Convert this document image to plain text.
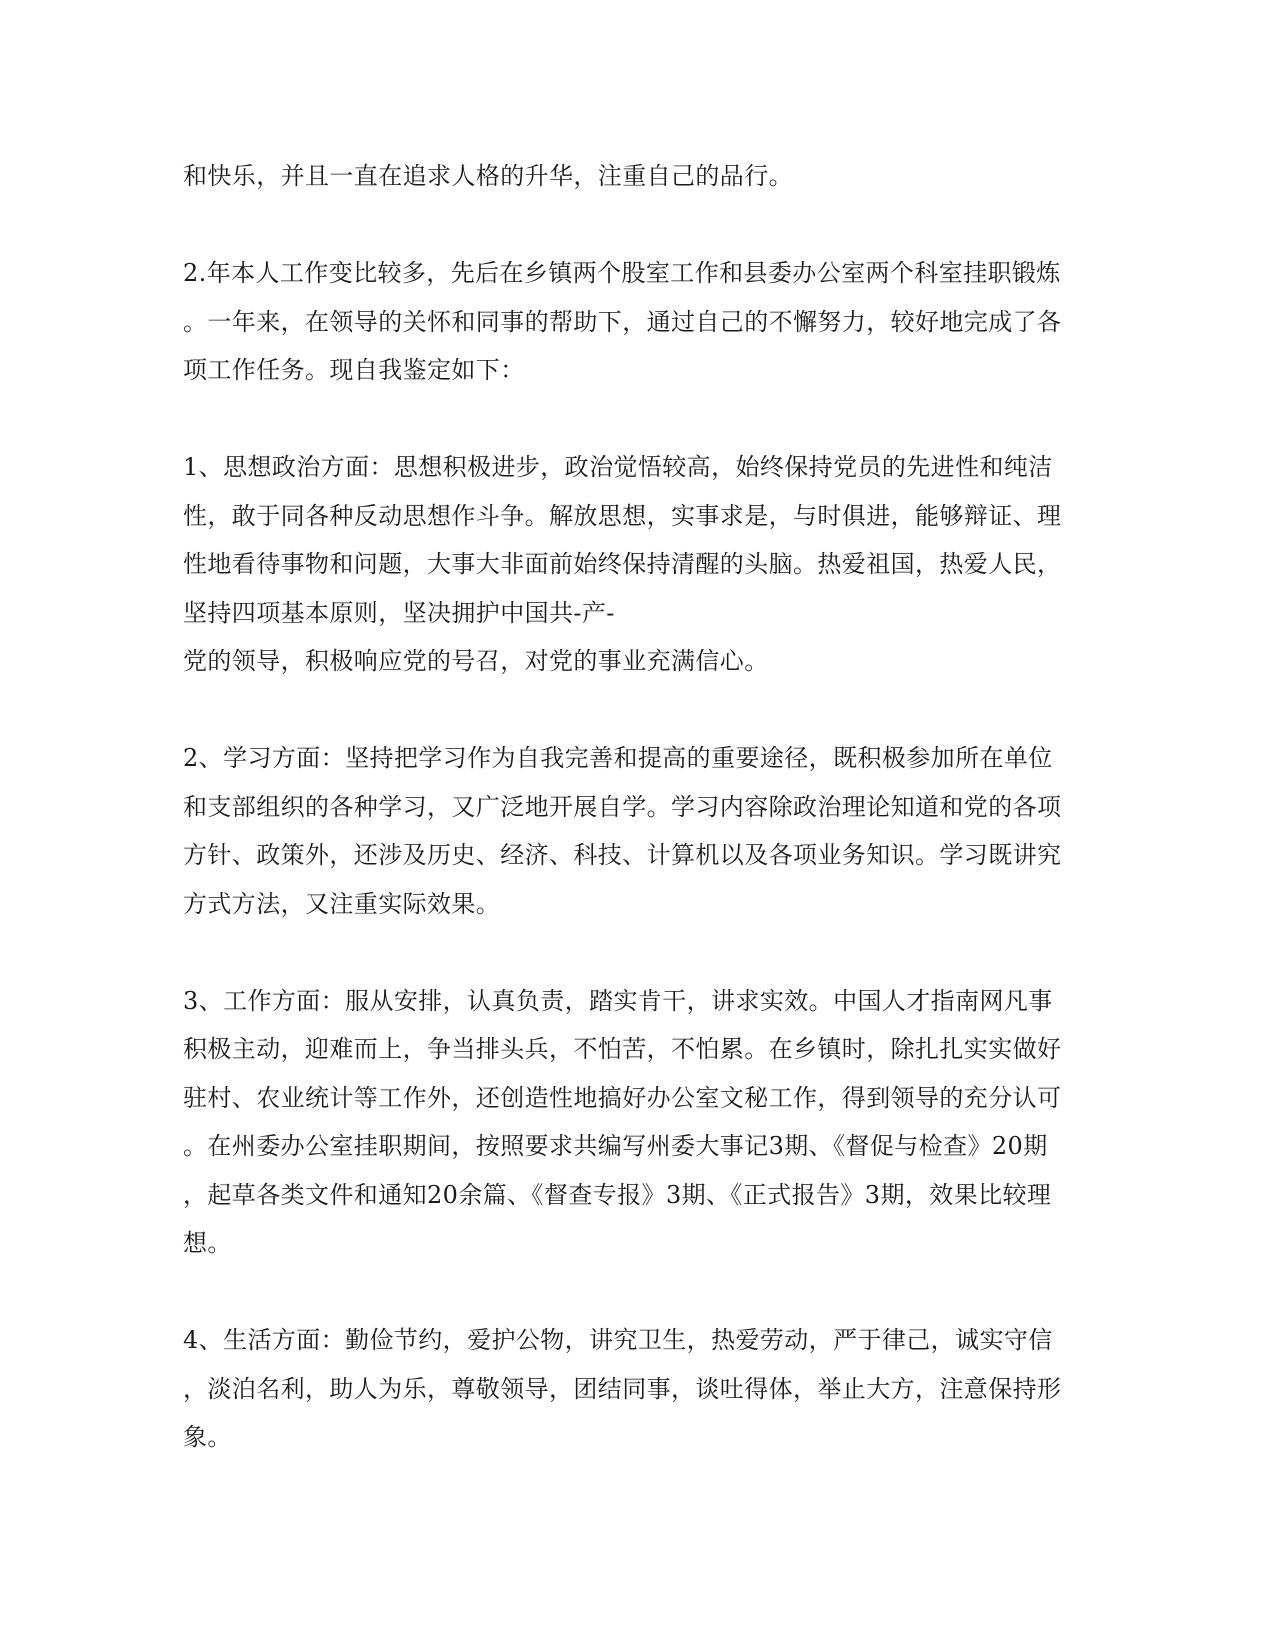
和快乐，并且一直在追求人格的升华，注重自己的品行。
2.年本人工作变比较多，先后在乡镇两个股室工作和县委办公室两个科室挂职锻炼
。一年来，在领导的关怀和同事的帮助下，通过自己的不懈努力，较好地完成了各
项工作任务。现自我鉴定如下：
1、思想政治方面：思想积极进步，政治觉悟较高，始终保持党员的先进性和纯洁
性，敢于同各种反动思想作斗争。解放思想，实事求是，与时俱进，能够辩证、理
性地看待事物和问题，大事大非面前始终保持清醒的头脑。热爱祖国，热爱人民，
坚持四项基本原则，坚决拥护中国共-产-
党的领导，积极响应党的号召，对党的事业充满信心。
2、学习方面：坚持把学习作为自我完善和提高的重要途径，既积极参加所在单位
和支部组织的各种学习，又广泛地开展自学。学习内容除政治理论知道和党的各项
方针、政策外，还涉及历史、经济、科技、计算机以及各项业务知识。学习既讲究
方式方法，又注重实际效果。
3、工作方面：服从安排，认真负责，踏实肯干，讲求实效。中国人才指南网凡事
积极主动，迎难而上，争当排头兵，不怕苦，不怕累。在乡镇时，除扎扎实实做好
驻村、农业统计等工作外，还创造性地搞好办公室文秘工作，得到领导的充分认可
。在州委办公室挂职期间，按照要求共编写州委大事记3期、《督促与检查》20期
，起草各类文件和通知20余篇、《督查专报》3期、《正式报告》3期，效果比较理
想。
4、生活方面：勤俭节约，爱护公物，讲究卫生，热爱劳动，严于律己，诚实守信
，淡泊名利，助人为乐，尊敬领导，团结同事，谈吐得体，举止大方，注意保持形
象。
